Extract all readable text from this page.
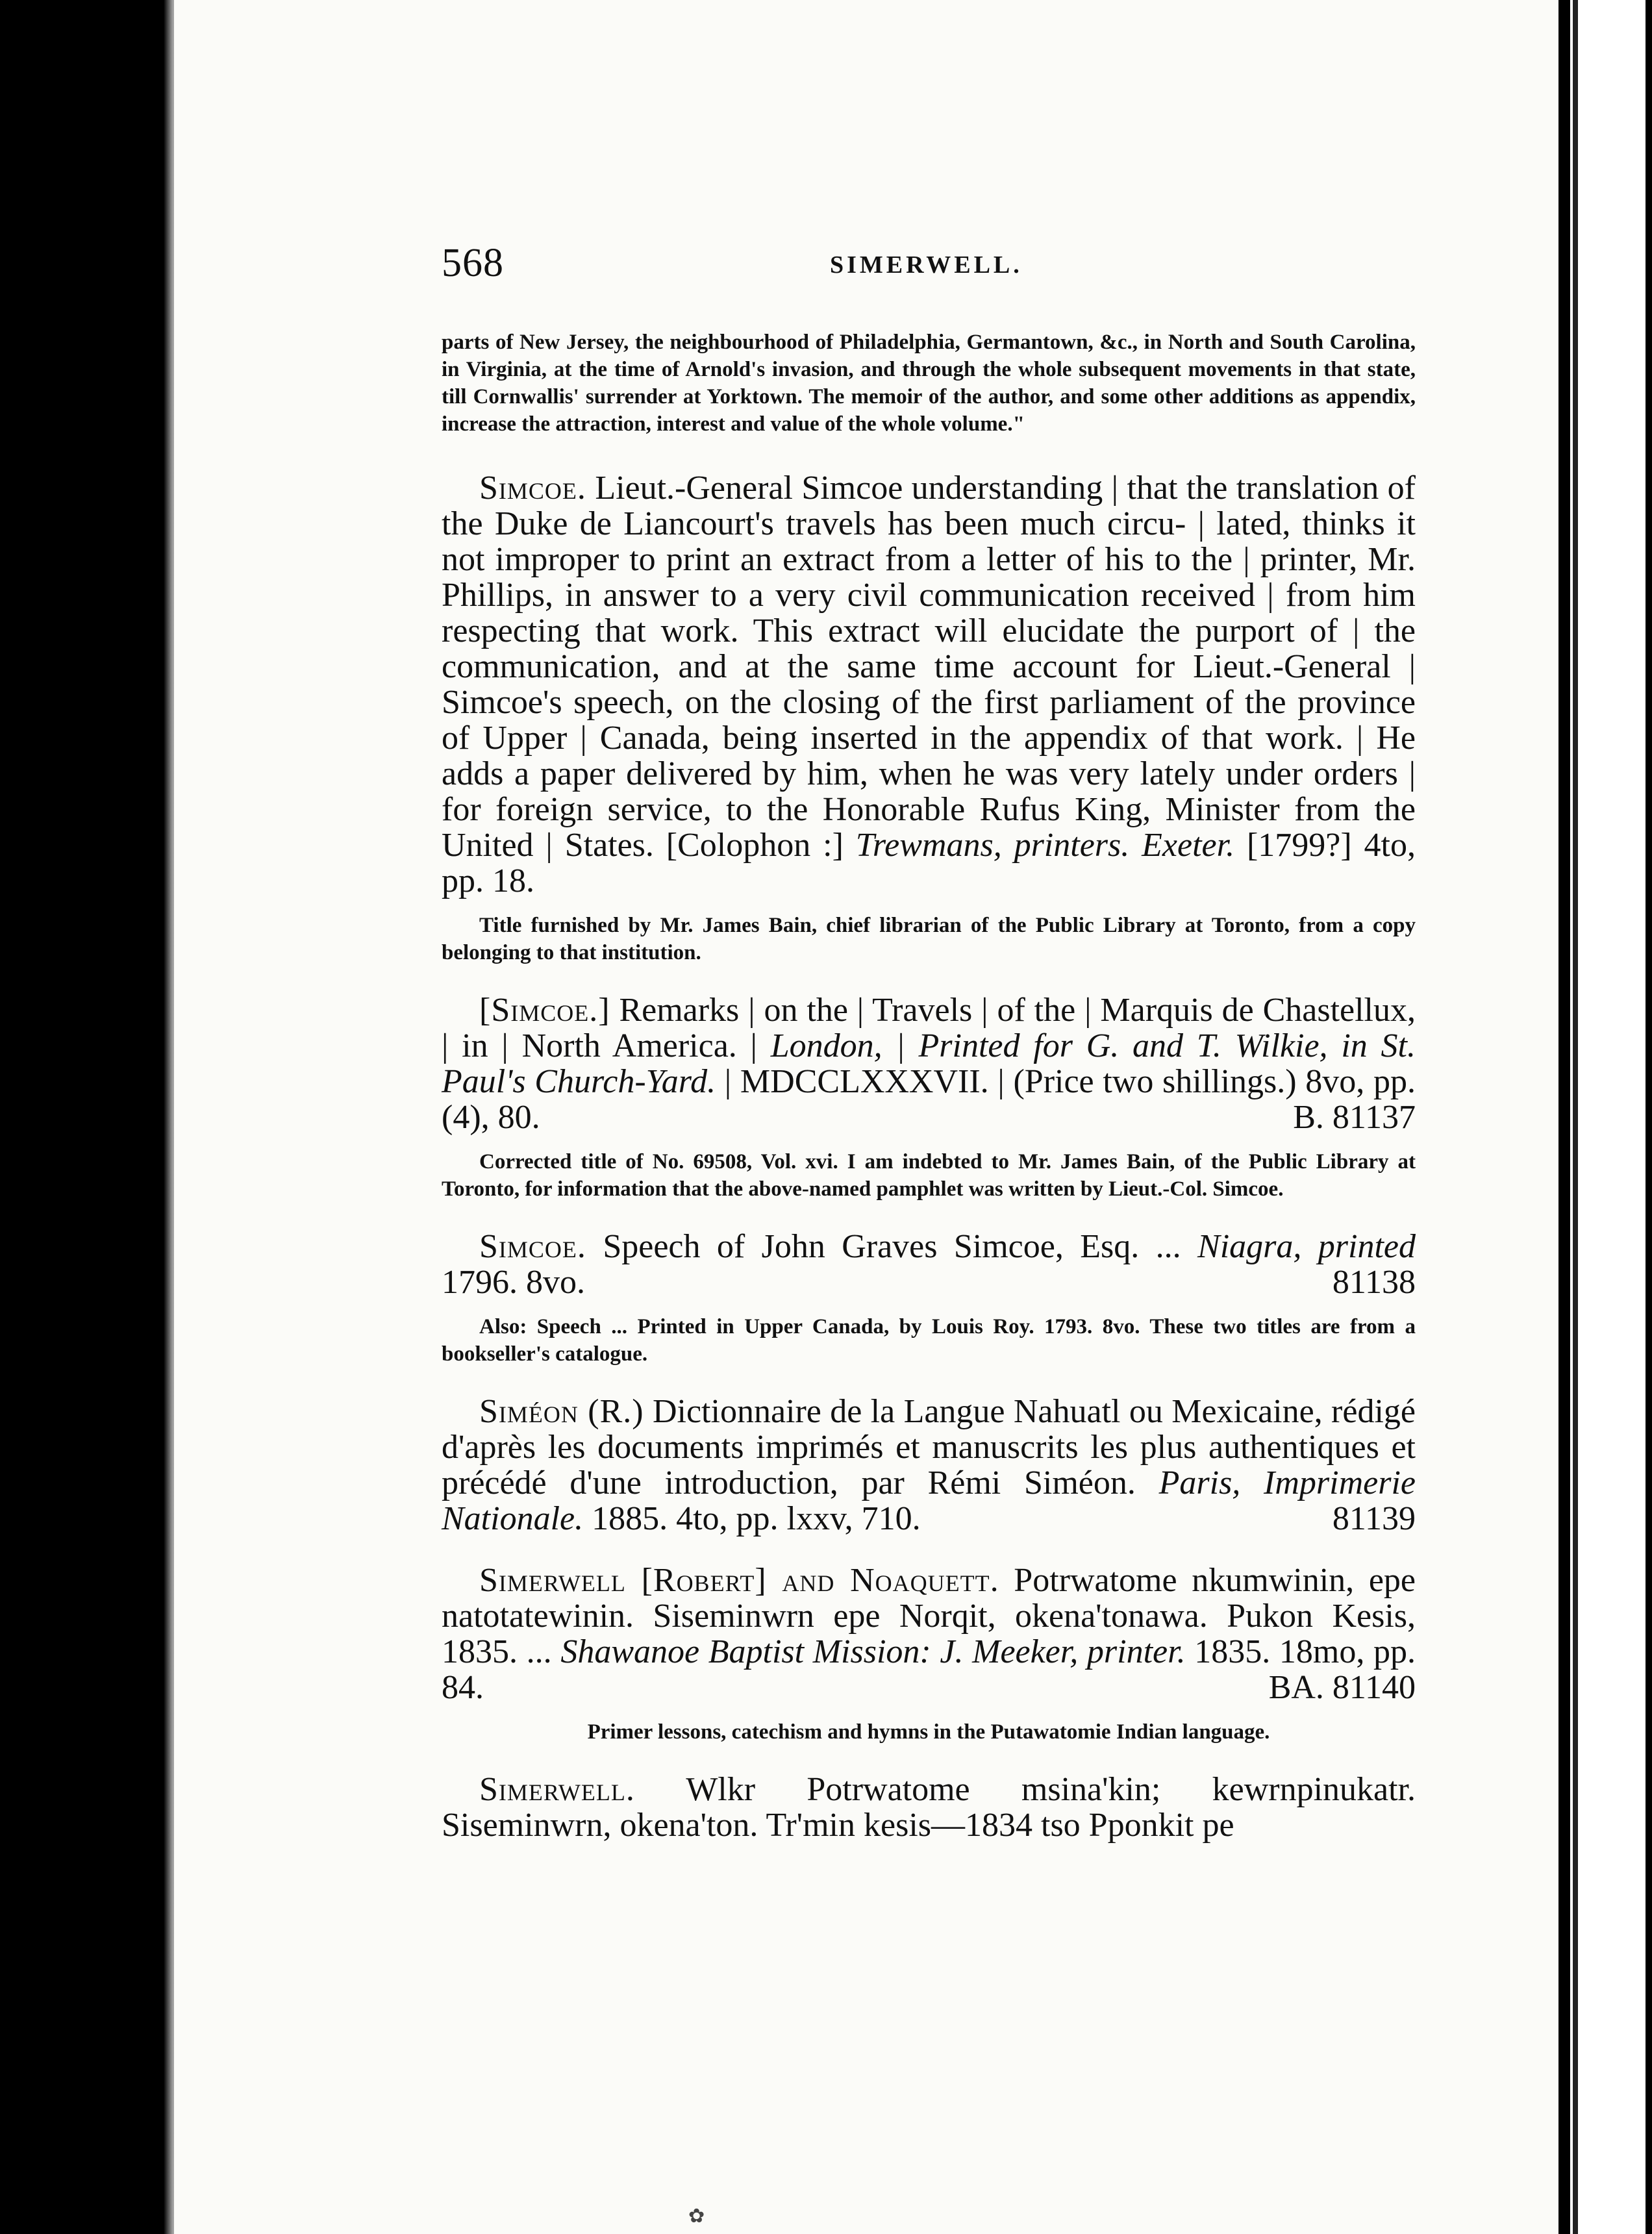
568	SIMERWELL.

parts of New Jersey, the neighbourhood of Philadelphia, Germantown, &c., in North and South Carolina, in Virginia, at the time of Arnold's invasion, and through the whole subsequent movements in that state, till Cornwallis' surrender at Yorktown. The memoir of the author, and some other additions as appendix, increase the attraction, interest and value of the whole volume."

Simcoe. Lieut.-General Simcoe understanding | that the translation of the Duke de Liancourt's travels has been much circu- | lated, thinks it not improper to print an extract from a letter of his to the | printer, Mr. Phillips, in answer to a very civil communication received | from him respecting that work. This extract will elucidate the purport of | the communication, and at the same time account for Lieut.-General | Simcoe's speech, on the closing of the first parliament of the province of Upper | Canada, being inserted in the appendix of that work. | He adds a paper delivered by him, when he was very lately under orders | for foreign service, to the Honorable Rufus King, Minister from the United | States. [Colophon :] Trewmans, printers. Exeter. [1799?] 4to, pp. 18.

Title furnished by Mr. James Bain, chief librarian of the Public Library at Toronto, from a copy belonging to that institution.

[Simcoe.] Remarks | on the | Travels | of the | Marquis de Chastellux, | in | North America. | London, | Printed for G. and T. Wilkie, in St. Paul's Church-Yard. | MDCCLXXXVII. | (Price two shillings.) 8vo, pp. (4), 80.	B. 81137

Corrected title of No. 69508, Vol. xvi. I am indebted to Mr. James Bain, of the Public Library at Toronto, for information that the above-named pamphlet was written by Lieut.-Col. Simcoe.

Simcoe. Speech of John Graves Simcoe, Esq. ... Niagra, printed 1796. 8vo.	81138

Also: Speech ... Printed in Upper Canada, by Louis Roy. 1793. 8vo. These two titles are from a bookseller's catalogue.

Siméon (R.) Dictionnaire de la Langue Nahuatl ou Mexicaine, rédigé d'après les documents imprimés et manuscrits les plus authentiques et précédé d'une introduction, par Rémi Siméon. Paris, Imprimerie Nationale. 1885. 4to, pp. lxxv, 710.	81139

Simerwell [Robert] and Noaquett. Potrwatome nkumwinin, epe natotatewinin. Siseminwrn epe Norqit, okena'tonawa. Pukon Kesis, 1835. ... Shawanoe Baptist Mission: J. Meeker, printer. 1835. 18mo, pp. 84.	BA. 81140

Primer lessons, catechism and hymns in the Putawatomie Indian language.

Simerwell. Wlkr Potrwatome msina'kin; kewrnpinukatr. Siseminwrn, okena'ton. Tr'min kesis—1834 tso Pponkit pe

✿
